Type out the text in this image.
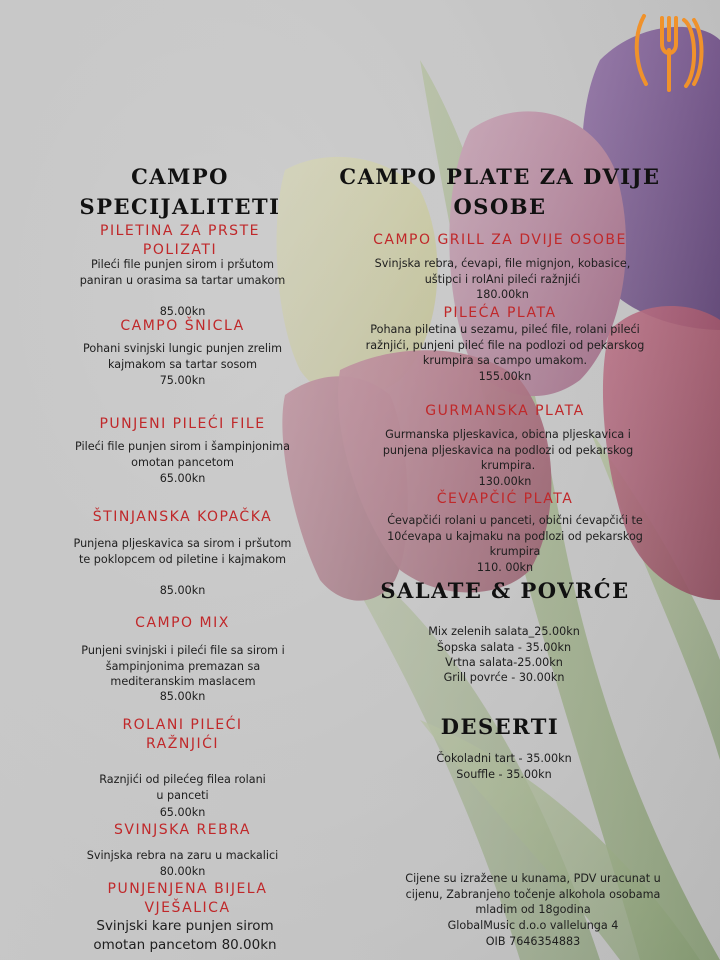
CAMPO SPECIJALITETI
PILETINA ZA PRSTE POLIZATI
Pileći file punjen sirom i pršutom paniran u orasima sa tartar umakom
85.00kn
CAMPO ŠNICLA
Pohani svinjski lungic punjen zrelim kajmakom sa tartar sosom
75.00kn
PUNJENI PILEĆI FILE
Pileći file punjen sirom i šampinjonima omotan pancetom
65.00kn
ŠTINJANSKA KOPAČKA
Punjena pljeskavica sa sirom i pršutom te poklopcem od piletine i kajmakom
85.00kn
CAMPO MIX
Punjeni svinjski i pileći file sa sirom i šampinjonima premazan sa mediteranskim maslacem
85.00kn
ROLANI PILEĆI RAŽNJIĆI
Raznjići od pilećeg filea rolani u panceti
65.00kn
SVINJSKA REBRA
Svinjska rebra na zaru u mackalici
80.00kn
PUNJENJENA BIJELA VJEŠALICA
Svinjski kare punjen sirom omotan pancetom 80.00kn
CAMPO PLATE ZA DVIJE OSOBE
CAMPO GRILL ZA DVIJE OSOBE
Svinjska rebra, ćevapi, file mignjon, kobasice, uštipci i rolAni pileći ražnjići
180.00kn
PILEĆA PLATA
Pohana piletina u sezamu, pileć file, rolani pileći ražnjići, punjeni pileć file na podlozi od pekarskog krumpira sa campo umakom.
155.00kn
GURMANSKA PLATA
Gurmanska pljeskavica, obicna pljeskavica i punjena pljeskavica na podlozi od pekarskog krumpira.
130.00kn
ČEVAPČIĆ PLATA
Ćevapčići rolani u panceti, obični ćevapčići te 10ćevapa u kajmaku na podlozi od pekarskog krumpira
110. 00kn
SALATE & POVRĆE
Mix zelenih salata_25.00kn
Šopska salata - 35.00kn
Vrtna salata-25.00kn
Grill povrće - 30.00kn
DESERTI
Čokoladni tart - 35.00kn
Souffle - 35.00kn
Cijene su izražene u kunama, PDV uracunat u cijenu, Zabranjeno točenje alkohola osobama mladim od 18godina
GlobalMusic d.o.o vallelunga 4
OIB 7646354883
